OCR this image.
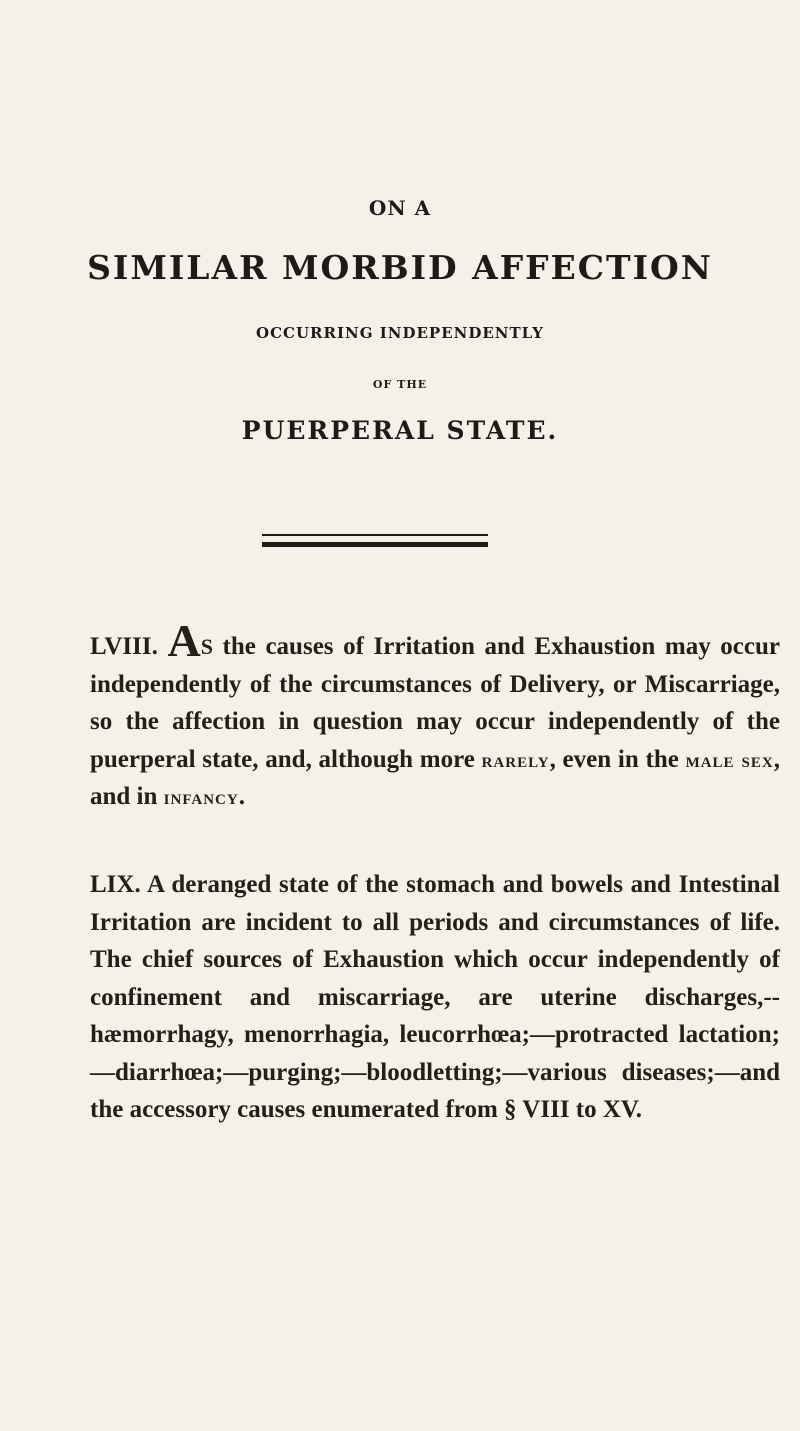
ON A
SIMILAR MORBID AFFECTION
OCCURRING INDEPENDENTLY
OF THE
PUERPERAL STATE.
LVIII. AS the causes of Irritation and Exhaustion may occur independently of the circumstances of Delivery, or Miscarriage, so the affection in question may occur independently of the puerperal state, and, although more rarely, even in the male sex, and in infancy.
LIX. A deranged state of the stomach and bowels and Intestinal Irritation are incident to all periods and circumstances of life. The chief sources of Exhaustion which occur independently of confinement and miscarriage, are uterine discharges,--hæmorrhagy, menorrhagia, leucorrhœa;—protracted lactation;—diarrhœa;—purging;—bloodletting;—various diseases;—and the accessory causes enumerated from § VIII to XV.
